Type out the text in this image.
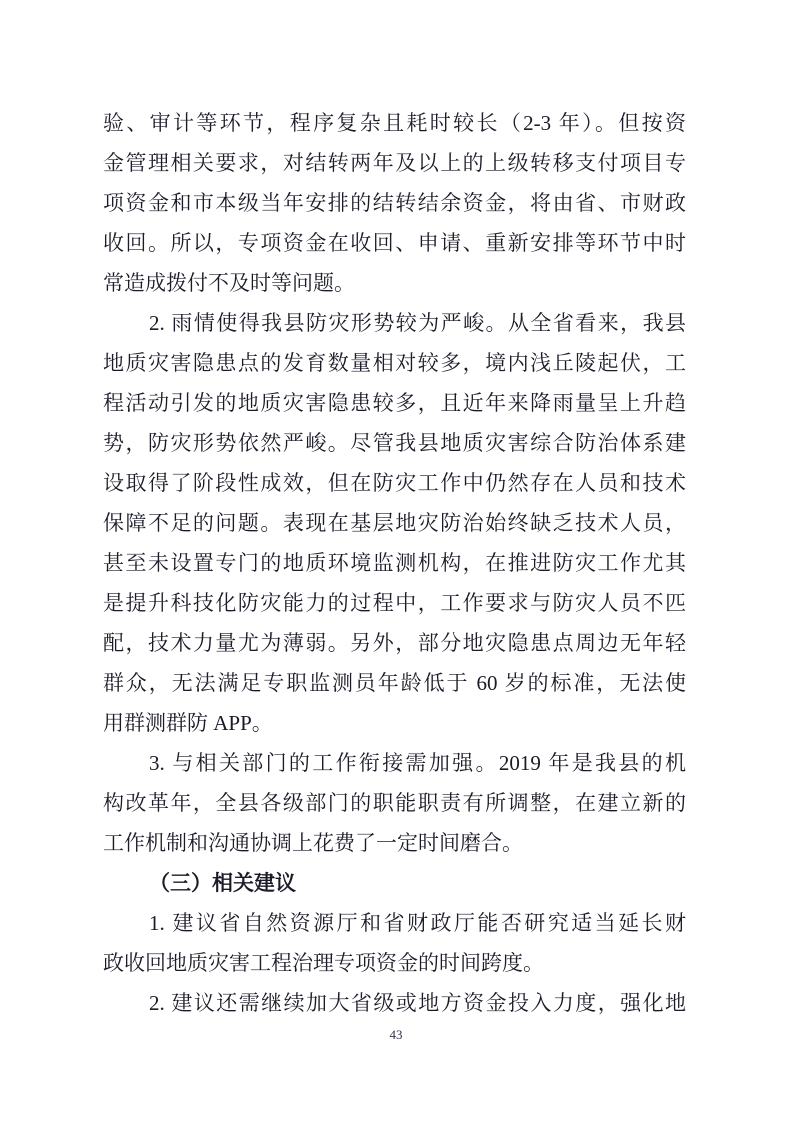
验、审计等环节，程序复杂且耗时较长（2-3 年）。但按资
金管理相关要求，对结转两年及以上的上级转移支付项目专
项资金和市本级当年安排的结转结余资金，将由省、市财政
收回。所以，专项资金在收回、申请、重新安排等环节中时
常造成拨付不及时等问题。
2. 雨情使得我县防灾形势较为严峻。从全省看来，我县
地质灾害隐患点的发育数量相对较多，境内浅丘陵起伏，工
程活动引发的地质灾害隐患较多，且近年来降雨量呈上升趋
势，防灾形势依然严峻。尽管我县地质灾害综合防治体系建
设取得了阶段性成效，但在防灾工作中仍然存在人员和技术
保障不足的问题。表现在基层地灾防治始终缺乏技术人员，
甚至未设置专门的地质环境监测机构，在推进防灾工作尤其
是提升科技化防灾能力的过程中，工作要求与防灾人员不匹
配，技术力量尤为薄弱。另外，部分地灾隐患点周边无年轻
群众，无法满足专职监测员年龄低于 60 岁的标准，无法使
用群测群防 APP。
3. 与相关部门的工作衔接需加强。2019 年是我县的机
构改革年，全县各级部门的职能职责有所调整，在建立新的
工作机制和沟通协调上花费了一定时间磨合。
（三）相关建议
1. 建议省自然资源厅和省财政厅能否研究适当延长财
政收回地质灾害工程治理专项资金的时间跨度。
2. 建议还需继续加大省级或地方资金投入力度，强化地
43
